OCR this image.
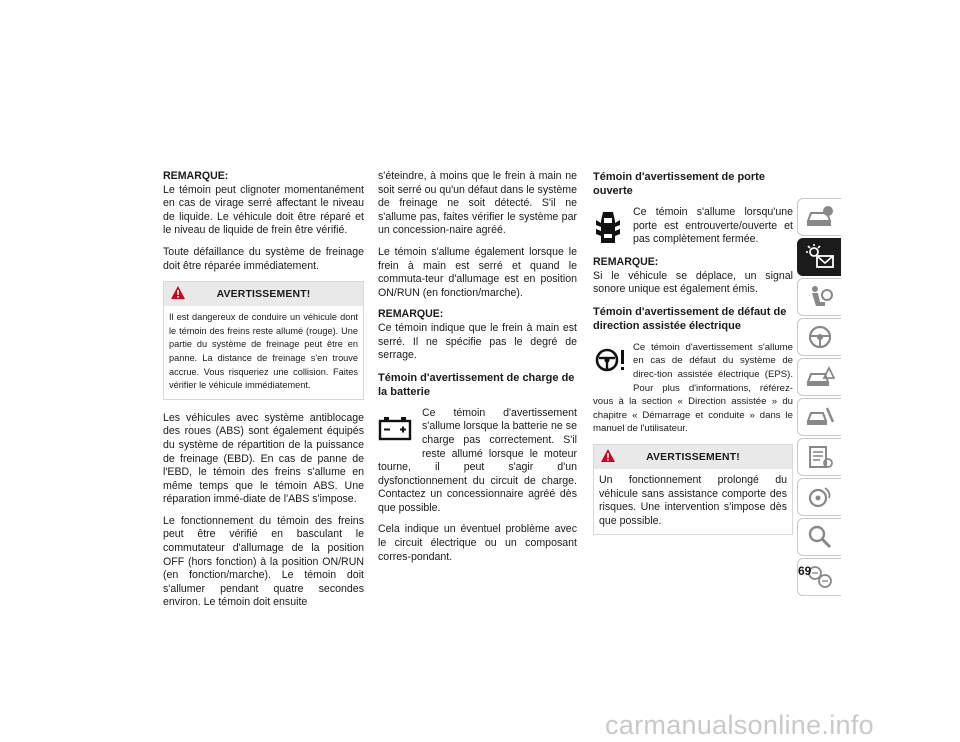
REMARQUE:
Le témoin peut clignoter momentanément en cas de virage serré affectant le niveau de liquide. Le véhicule doit être réparé et le niveau de liquide de frein être vérifié.

Toute défaillance du système de freinage doit être réparée immédiatement.

AVERTISSEMENT!
Il est dangereux de conduire un véhicule dont le témoin des freins reste allumé (rouge). Une partie du système de freinage peut être en panne. La distance de freinage s'en trouve accrue. Vous risqueriez une collision. Faites vérifier le véhicule immédiatement.

Les véhicules avec système antiblocage des roues (ABS) sont également équipés du système de répartition de la puissance de freinage (EBD). En cas de panne de l'EBD, le témoin des freins s'allume en même temps que le témoin ABS. Une réparation immé-diate de l'ABS s'impose.

Le fonctionnement du témoin des freins peut être vérifié en basculant le commutateur d'allumage de la position OFF (hors fonction) à la position ON/RUN (en fonction/marche). Le témoin doit s'allumer pendant quatre secondes environ. Le témoin doit ensuite

s'éteindre, à moins que le frein à main ne soit serré ou qu'un défaut dans le système de freinage ne soit détecté. S'il ne s'allume pas, faites vérifier le système par un concession-naire agréé.

Le témoin s'allume également lorsque le frein à main est serré et quand le commuta-teur d'allumage est en position ON/RUN (en fonction/marche).

REMARQUE:
Ce témoin indique que le frein à main est serré. Il ne spécifie pas le degré de serrage.

Témoin d'avertissement de charge de la batterie

Ce témoin d'avertissement s'allume lorsque la batterie ne se charge pas correctement. S'il reste allumé lorsque le moteur tourne, il peut s'agir d'un dysfonctionnement du circuit de charge. Contactez un concessionnaire agréé dès que possible.

Cela indique un éventuel problème avec le circuit électrique ou un composant corres-pondant.

Témoin d'avertissement de porte ouverte

Ce témoin s'allume lorsqu'une porte est entrouverte/ouverte et pas complètement fermée.

REMARQUE:
Si le véhicule se déplace, un signal sonore unique est également émis.

Témoin d'avertissement de défaut de direction assistée électrique

Ce témoin d'avertissement s'allume en cas de défaut du système de direc-tion assistée électrique (EPS). Pour plus d'informations, référez-vous à la section « Direction assistée » du chapitre « Démarrage et conduite » dans le manuel de l'utilisateur.

AVERTISSEMENT!
Un fonctionnement prolongé du véhicule sans assistance comporte des risques. Une intervention s'impose dès que possible.
69
carmanualsonline.info
